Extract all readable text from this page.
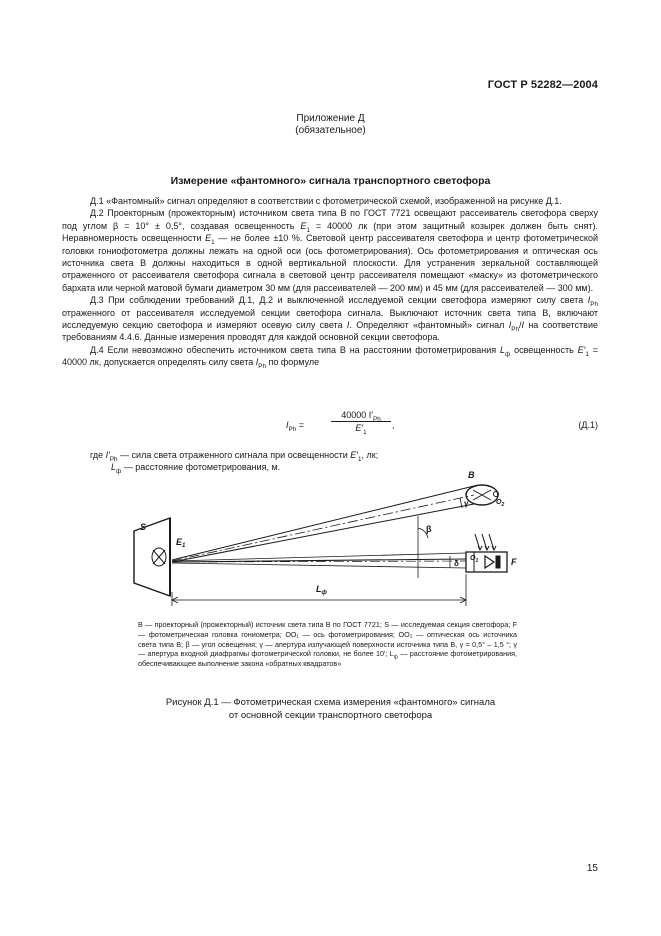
ГОСТ Р 52282—2004
Приложение Д
(обязательное)
Измерение «фантомного» сигнала транспортного светофора

Д.1 «Фантомный» сигнал определяют в соответствии с фотометрической схемой, изображенной на рисунке Д.1.

Д.2 Проекторным (прожекторным) источником света типа В по ГОСТ 7721 освещают рассеиватель светофора сверху под углом β = 10° ± 0,5°, создавая освещенность $E_1 = 40000$ лк (при этом защитный козырек должен быть снят). Неравномерность освещенности $E_1$ — не более ±10 %. Световой центр рассеивателя светофора и центр фотометрической головки гониофотометра должны лежать на одной оси (ось фотометрирования). Ось фотометрирования и оптическая ось источника света В должны находиться в одной вертикальной плоскости. Для устранения зеркальной составляющей отраженного от рассеивателя светофора сигнала в световой центр рассеивателя помещают «маску» из фотометрического бархата или черной матовой бумаги диаметром 30 мм (для рассеивателей — 200 мм) и 45 мм (для рассеивателей — 300 мм).

Д.3 При соблюдении требований Д.1, Д.2 и выключенной исследуемой секции светофора измеряют силу света $I_{Ph}$ отраженного от рассеивателя исследуемой секции светофора сигнала. Выключают источник света типа В, включают исследуемую секцию светофора и измеряют осевую силу света I. Определяют «фантомный» сигнал $I_{Ph}/I$ на соответствие требованиям 4.4.6. Данные измерения проводят для каждой основной секции светофора.

Д.4 Если невозможно обеспечить источником света типа В на расстоянии фотометрирования $L_ф$ освещенность $E'_1 = 40000$ лк, допускается определять силу света $I_{Ph}$ по формуле

$I_{Ph}$ =	$\frac{40000 I'_{Ph}}{E'_1}$ ,	(Д.1)
где $I'_{Ph}$ — сила света отраженного сигнала при освещенности $E'_1$, лк;
$L_ф$ — расстояние фотометрирования, м.
S
$E_1$
B
$O_2$
$O_1$	F
β
γ
δ
$L_ф$
B — проекторный (прожекторный) источник света типа В по ГОСТ 7721; S — исследуемая секция светофора; F — фотометрическая головка гониометра; OO₁ — ось фотометрирования; OO₂ — оптическая ось источника света типа B; β — угол освещения; γ — апертура излучающей поверхности источника типа B, γ = 0,5° – 1,5 °; γ — апертура входной диафрагмы фотометрической головки, не более 10'; $L_ф$ — расстояние фотометрирования, обеспечивающее выполнение закона «обратных квадратов»
Рисунок Д.1 — Фотометрическая схема измерения «фантомного» сигнала
от основной секции транспортного светофора
15
